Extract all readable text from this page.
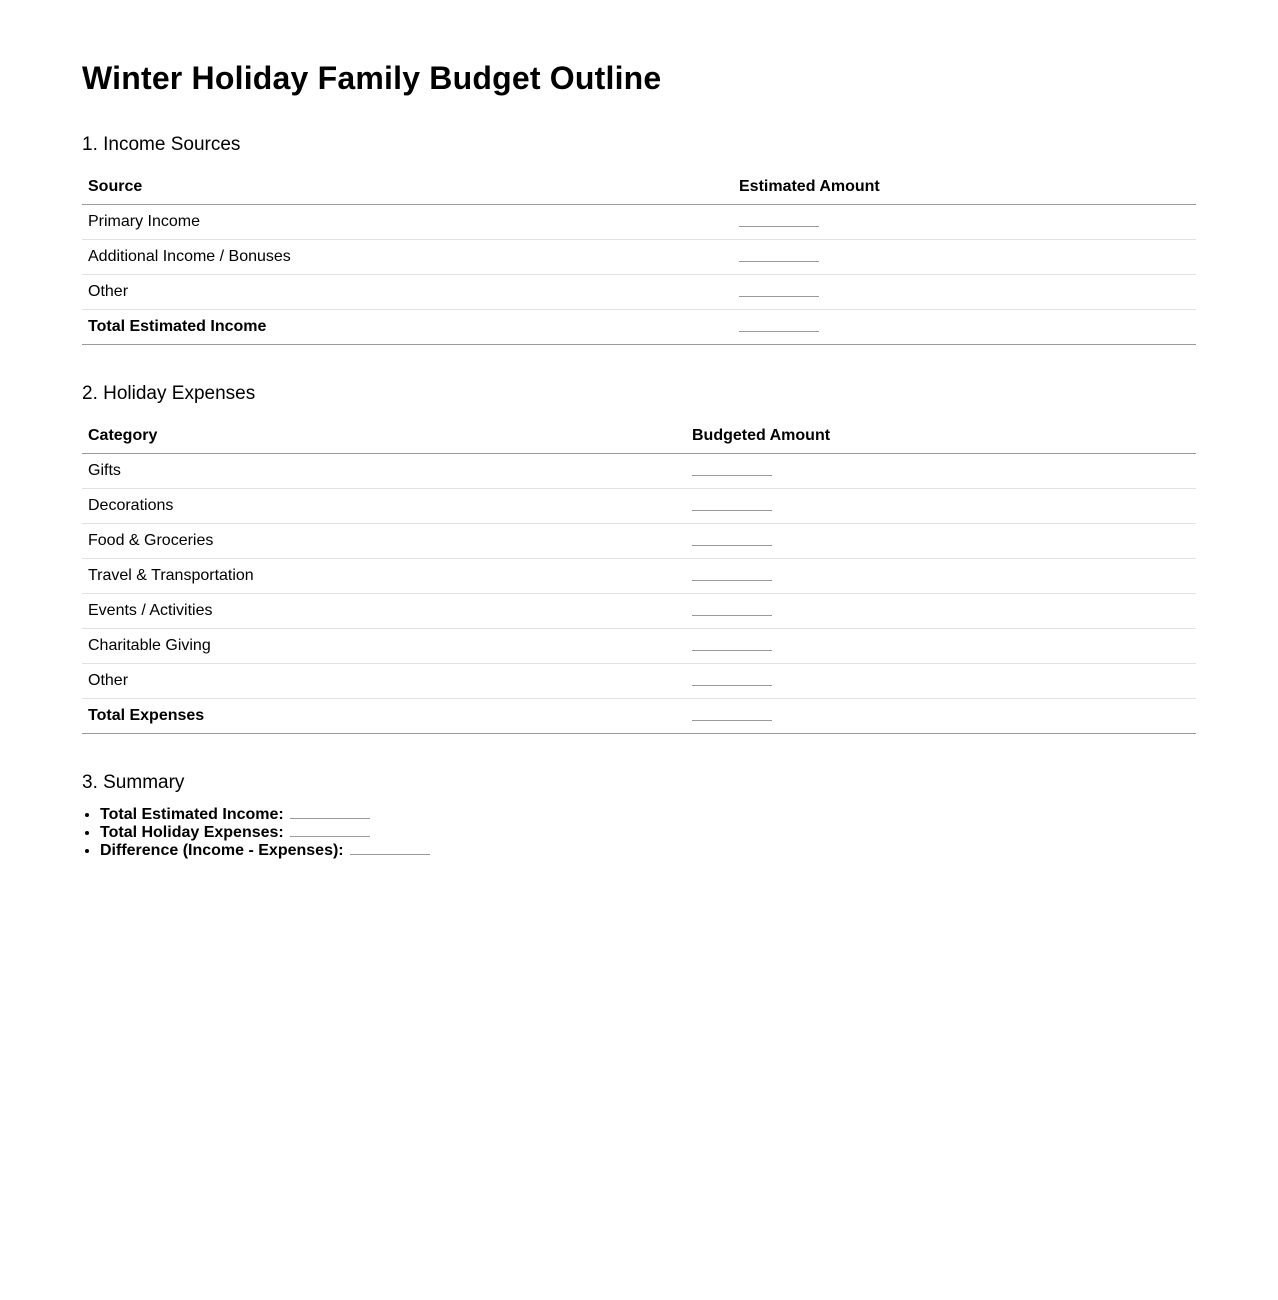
Winter Holiday Family Budget Outline
1. Income Sources
Source	Estimated Amount
Primary Income	
Additional Income / Bonuses	
Other	
Total Estimated Income	
2. Holiday Expenses
Category	Budgeted Amount
Gifts	
Decorations	
Food & Groceries	
Travel & Transportation	
Events / Activities	
Charitable Giving	
Other	
Total Expenses	
3. Summary
• Total Estimated Income:
• Total Holiday Expenses:
• Difference (Income - Expenses):
